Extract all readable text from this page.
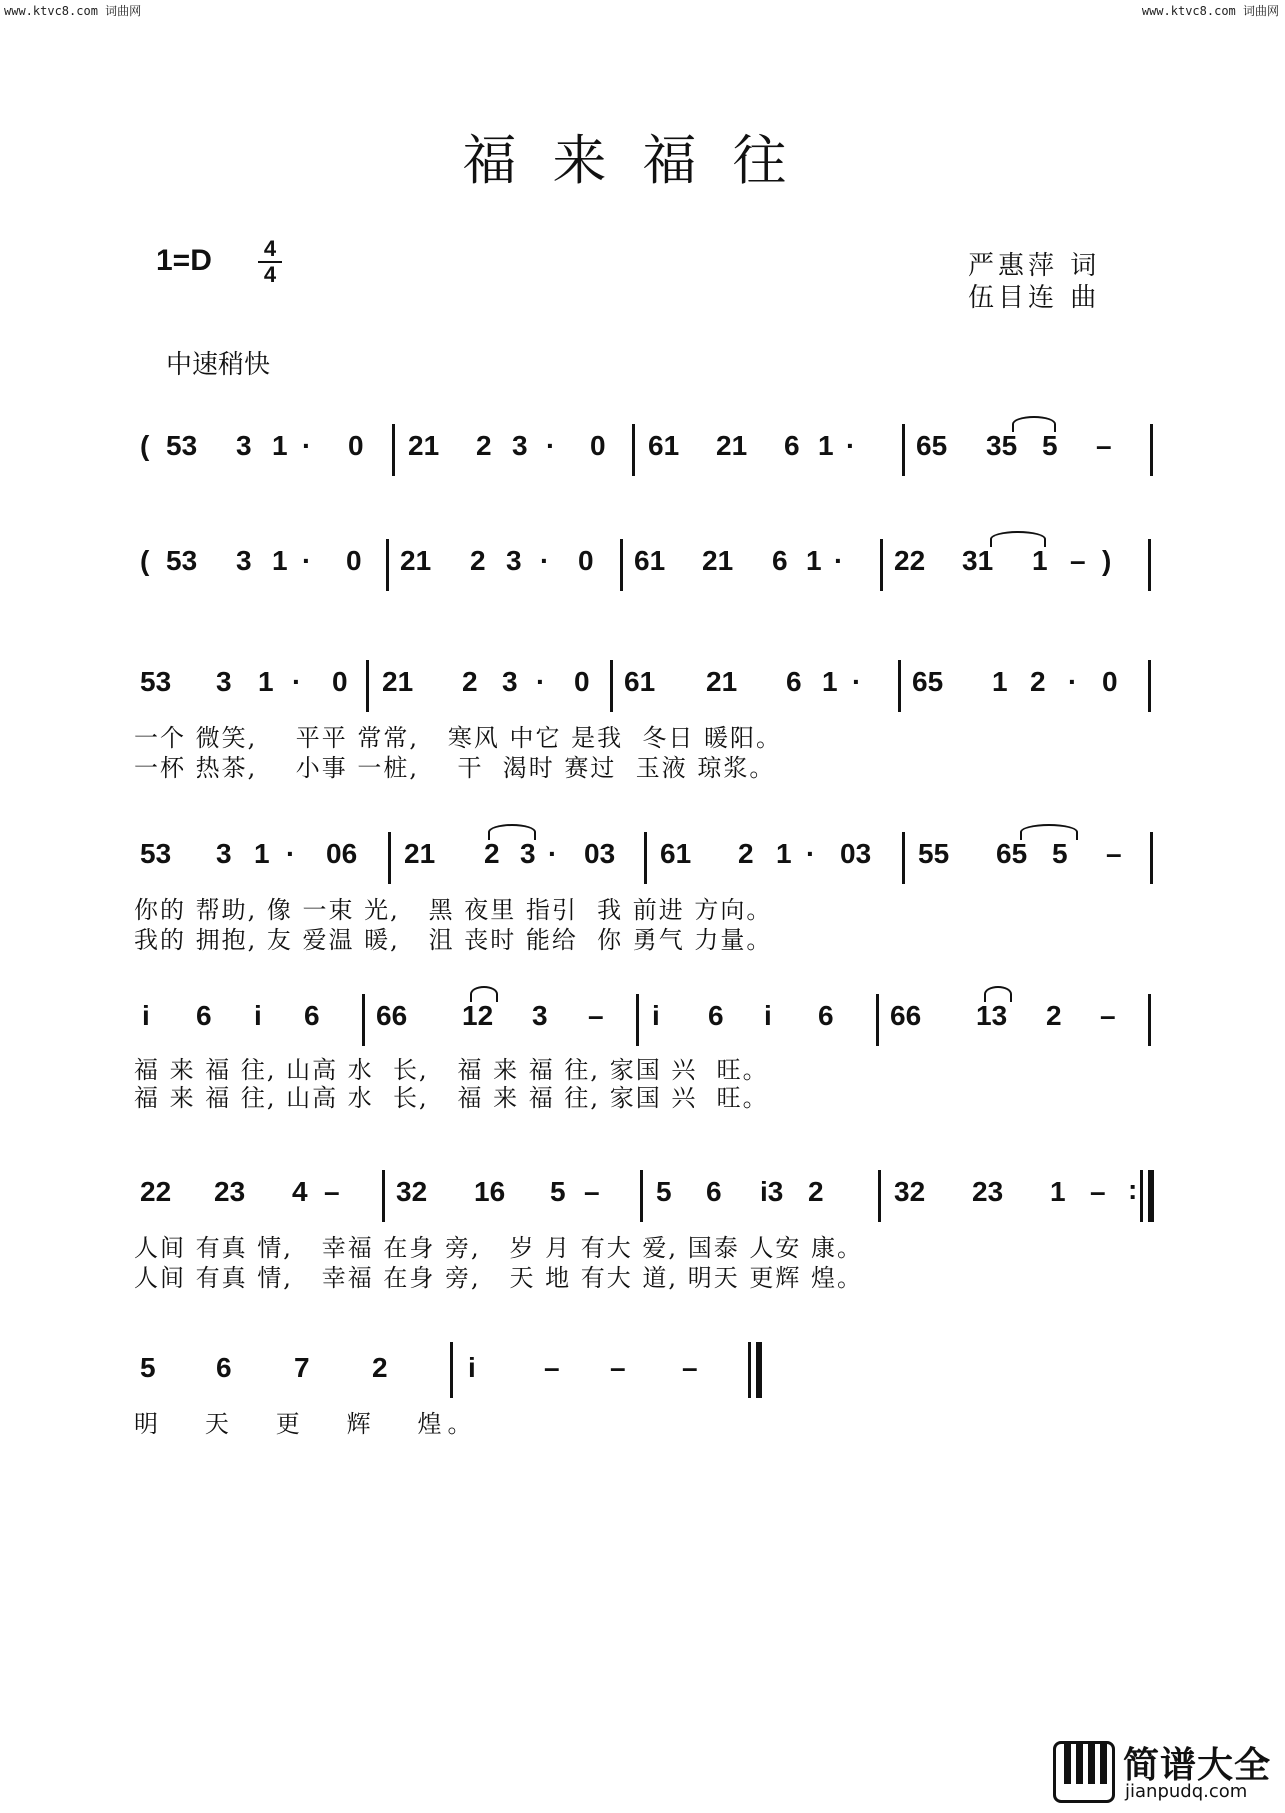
www.ktvc8.com 词曲网	www.ktvc8.com 词曲网
福来福往
1=D 4
4	严惠萍 词
伍目连 曲
中速稍快
( 53 3 1 · 0 21 2 3 · 0 61 21 6 1 · 65 35 5 –
( 53 3 1 · 0 21 2 3 · 0 61 21 6 1 · 22 31 1 – )
53 3 1 · 0 21 2 3 · 0 61 21 6 1 · 65 1 2 · 0
一个 微笑,    平平 常常,   寒风 中它 是我  冬日 暖阳。
一杯 热茶,    小事 一桩,    干  渴时 赛过  玉液 琼浆。
53 3 1 · 06 21 2 3 · 03 61 2 1 · 03 55 65 5 –
你的 帮助, 像 一束 光,   黑 夜里 指引  我 前进 方向。
我的 拥抱, 友 爱温 暖,   沮 丧时 能给  你 勇气 力量。
i 6 i 6 66 12 3 – i 6 i 6 66 13 2 –
福 来 福 往, 山高 水  长,   福 来 福 往, 家国 兴  旺。
福 来 福 往, 山高 水  长,   福 来 福 往, 家国 兴  旺。
22 23 4 – 32 16 5 – 5 6 i3 2	32 23 1 – :
人间 有真 情,   幸福 在身 旁,   岁 月 有大 爱, 国泰 人安 康。
人间 有真 情,   幸福 在身 旁,   天 地 有大 道, 明天 更辉 煌。
5 6 7 2	i – – –
明   天   更   辉   煌。
简谱大全
jianpudq.com
